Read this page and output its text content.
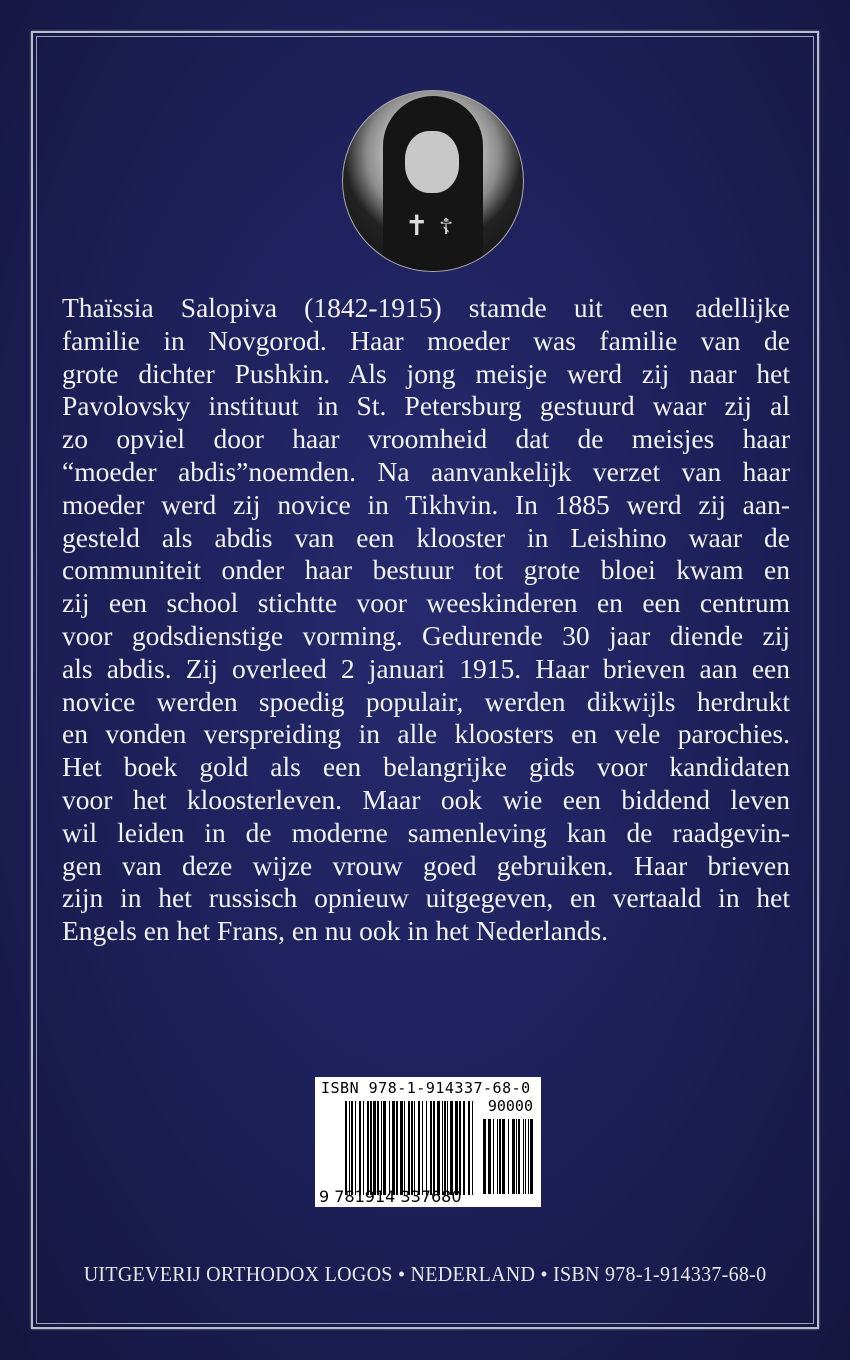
✝ ☦
Thaïssia Salopiva (1842-1915) stamde uit een adellijke
familie in Novgorod. Haar moeder was familie van de
grote dichter Pushkin. Als jong meisje werd zij naar het
Pavolovsky instituut in St. Petersburg gestuurd waar zij al
zo opviel door haar vroomheid dat de meisjes haar
“moeder abdis”noemden. Na aanvankelijk verzet van haar
moeder werd zij novice in Tikhvin. In 1885 werd zij aan-
gesteld als abdis van een klooster in Leishino waar de
communiteit onder haar bestuur tot grote bloei kwam en
zij een school stichtte voor weeskinderen en een centrum
voor godsdienstige vorming. Gedurende 30 jaar diende zij
als abdis. Zij overleed 2 januari 1915. Haar brieven aan een
novice werden spoedig populair, werden dikwijls herdrukt
en vonden verspreiding in alle kloosters en vele parochies.
Het boek gold als een belangrijke gids voor kandidaten
voor het kloosterleven. Maar ook wie een biddend leven
wil leiden in de moderne samenleving kan de raadgevin-
gen van deze wijze vrouw goed gebruiken. Haar brieven
zijn in het russisch opnieuw uitgegeven, en vertaald in het
Engels en het Frans, en nu ook in het Nederlands.
ISBN 978-1-914337-68-0
90000
9 781914 337680
UITGEVERIJ ORTHODOX LOGOS • NEDERLAND • ISBN 978-1-914337-68-0
